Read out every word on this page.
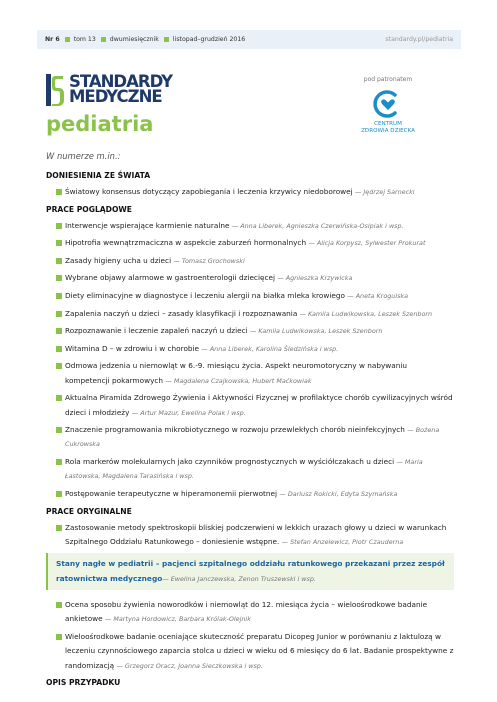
Nr 6 tom 13 dwumiesięcznik listopad–grudzień 2016	standardy.pl/pediatria
STANDARDY
MEDYCZNE
pediatria
pod patronatem
CENTRUM
ZDROWIA DZIECKA
W numerze m.in.:
DONIESIENIA ZE ŚWIATA
Światowy konsensus dotyczący zapobiegania i leczenia krzywicy niedoborowej — Jędrzej Sarnecki
PRACE POGLĄDOWE
Interwencje wspierające karmienie naturalne — Anna Liberek, Agnieszka Czerwińska-Osipiak i wsp.
Hipotrofia wewnątrzmaciczna w aspekcie zaburzeń hormonalnych — Alicja Korpysz, Sylwester Prokurat
Zasady higieny ucha u dzieci — Tomasz Grochowski
Wybrane objawy alarmowe w gastroenterologii dziecięcej — Agnieszka Krzywicka
Diety eliminacyjne w diagnostyce i leczeniu alergii na białka mleka krowiego — Aneta Krogulska
Zapalenia naczyń u dzieci – zasady klasyfikacji i rozpoznawania — Kamila Ludwikowska, Leszek Szenborn
Rozpoznawanie i leczenie zapaleń naczyń u dzieci — Kamila Ludwikowska, Leszek Szenborn
Witamina D – w zdrowiu i w chorobie — Anna Liberek, Karolina Śledzińska i wsp.
Odmowa jedzenia u niemowląt w 6.-9. miesiącu życia. Aspekt neuromotoryczny w nabywaniu kompetencji pokarmowych — Magdalena Czajkowska, Hubert Maćkowiak
Aktualna Piramida Zdrowego Żywienia i Aktywności Fizycznej w profilaktyce chorób cywilizacyjnych wśród dzieci i młodzieży — Artur Mazur, Ewelina Polak i wsp.
Znaczenie programowania mikrobiotycznego w rozwoju przewlekłych chorób nieinfekcyjnych — Bożena Cukrowska
Rola markerów molekularnych jako czynników prognostycznych w wyściółczakach u dzieci — Maria Łastowska, Magdalena Tarasińska i wsp.
Postępowanie terapeutyczne w hiperamonemii pierwotnej — Dariusz Rokicki, Edyta Szymańska
PRACE ORYGINALNE
Zastosowanie metody spektroskopii bliskiej podczerwieni w lekkich urazach głowy u dzieci w warunkach Szpitalnego Oddziału Ratunkowego – doniesienie wstępne. — Stefan Anzelewicz, Piotr Czauderna
Stany nagłe w pediatrii – pacjenci szpitalnego oddziału ratunkowego przekazani przez zespół ratownictwa medycznego— Ewelina Janczewska, Zenon Truszewski i wsp.
Ocena sposobu żywienia noworodków i niemowląt do 12. miesiąca życia – wieloośrodkowe badanie ankietowe — Martyna Hordowicz, Barbara Królak-Olejnik
Wieloośrodkowe badanie oceniające skuteczność preparatu Dicopeg Junior w porównaniu z laktulozą w leczeniu czynnościowego zaparcia stolca u dzieci w wieku od 6 miesięcy do 6 lat. Badanie prospektywne z randomizacją — Grzegorz Oracz, Joanna Sieczkowska i wsp.
OPIS PRZYPADKU
